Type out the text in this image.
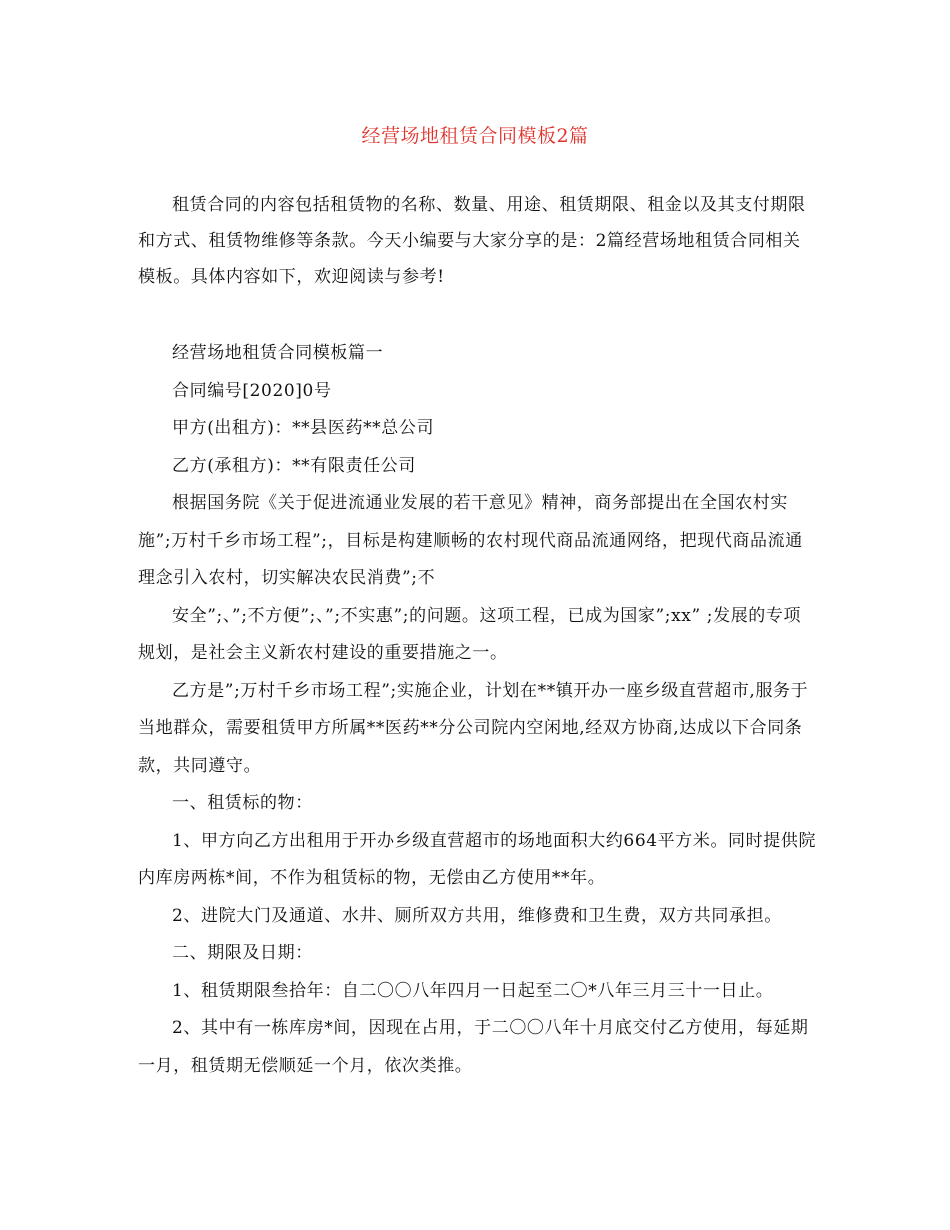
经营场地租赁合同模板2篇

租赁合同的内容包括租赁物的名称、数量、用途、租赁期限、租金以及其支付期限和方式、租赁物维修等条款。今天小编要与大家分享的是：2篇经营场地租赁合同相关模板。具体内容如下，欢迎阅读与参考!

经营场地租赁合同模板篇一

合同编号[2020]0号

甲方(出租方)：**县医药**总公司

乙方(承租方)：**有限责任公司

根据国务院《关于促进流通业发展的若干意见》精神，商务部提出在全国农村实施”;万村千乡市场工程”;，目标是构建顺畅的农村现代商品流通网络，把现代商品流通理念引入农村，切实解决农民消费”;不

安全”;、”;不方便”;、”;不实惠”;的问题。这项工程，已成为国家”;xx” ;发展的专项规划，是社会主义新农村建设的重要措施之一。

乙方是”;万村千乡市场工程”;实施企业，计划在**镇开办一座乡级直营超市,服务于当地群众，需要租赁甲方所属**医药**分公司院内空闲地,经双方协商,达成以下合同条款，共同遵守。

一、租赁标的物：

1、甲方向乙方出租用于开办乡级直营超市的场地面积大约664平方米。同时提供院内库房两栋*间，不作为租赁标的物，无偿由乙方使用**年。

2、进院大门及通道、水井、厕所双方共用，维修费和卫生费，双方共同承担。

二、期限及日期：

1、租赁期限叁拾年：自二〇〇八年四月一日起至二〇*八年三月三十一日止。

2、其中有一栋库房*间，因现在占用，于二〇〇八年十月底交付乙方使用，每延期一月，租赁期无偿顺延一个月，依次类推。
